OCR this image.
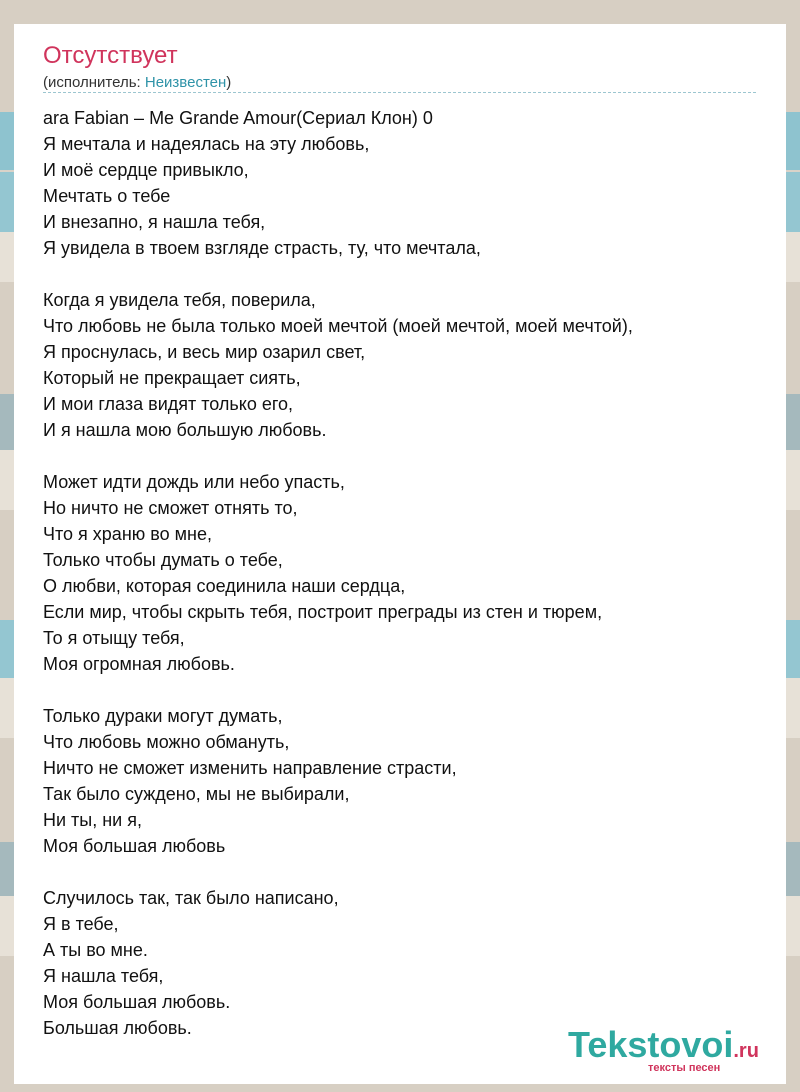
Отсутствует
(исполнитель: Неизвестен)
ara Fabian – Me Grande Amour(Сериал Клон) 0
Я мечтала и надеялась на эту любовь,
И моё сердце привыкло,
Мечтать о тебе
И внезапно, я нашла тебя,
Я увидела в твоем взгляде страсть, ту, что мечтала,
Когда я увидела тебя, поверила,
Что любовь не была только моей мечтой (моей мечтой, моей мечтой),
Я проснулась, и весь мир озарил свет,
Который не прекращает сиять,
И мои глаза видят только его,
И я нашла мою большую любовь.
Может идти дождь или небо упасть,
Но ничто не сможет отнять то,
Что я храню во мне,
Только чтобы думать о тебе,
О любви, которая соединила наши сердца,
Если мир, чтобы скрыть тебя, построит преграды из стен и тюрем,
То я отыщу тебя,
Моя огромная любовь.
Только дураки могут думать,
Что любовь можно обмануть,
Ничто не сможет изменить направление страсти,
Так было суждено, мы не выбирали,
Ни ты, ни я,
Моя большая любовь
Случилось так, так было написано,
Я в тебе,
А ты во мне.
Я нашла тебя,
Моя большая любовь.
Большая любовь.	Tekstovoi.ru
тексты песен
